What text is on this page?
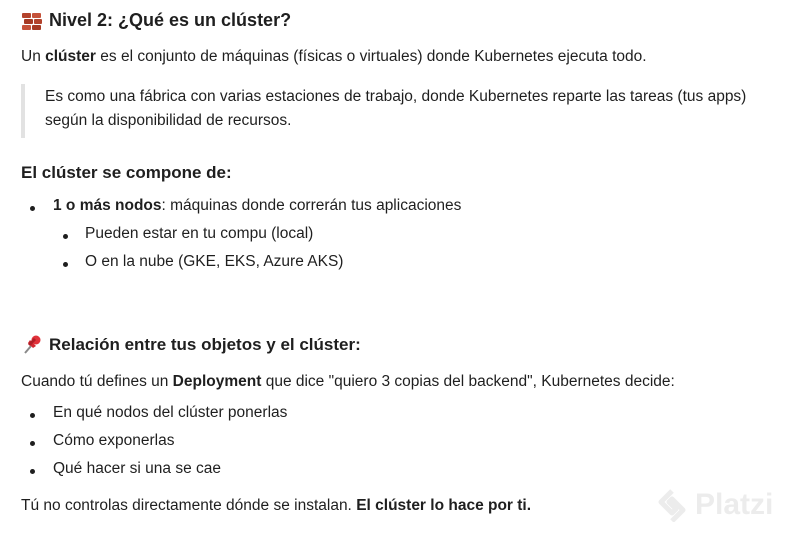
Nivel 2: ¿Qué es un clúster?
Un clúster es el conjunto de máquinas (físicas o virtuales) donde Kubernetes ejecuta todo.
Es como una fábrica con varias estaciones de trabajo, donde Kubernetes reparte las tareas (tus apps)
según la disponibilidad de recursos.
El clúster se compone de:
1 o más nodos: máquinas donde correrán tus aplicaciones
Pueden estar en tu compu (local)
O en la nube (GKE, EKS, Azure AKS)
Relación entre tus objetos y el clúster:
Cuando tú defines un Deployment que dice "quiero 3 copias del backend", Kubernetes decide:
En qué nodos del clúster ponerlas
Cómo exponerlas
Qué hacer si una se cae
Tú no controlas directamente dónde se instalan. El clúster lo hace por ti.	Platzi
